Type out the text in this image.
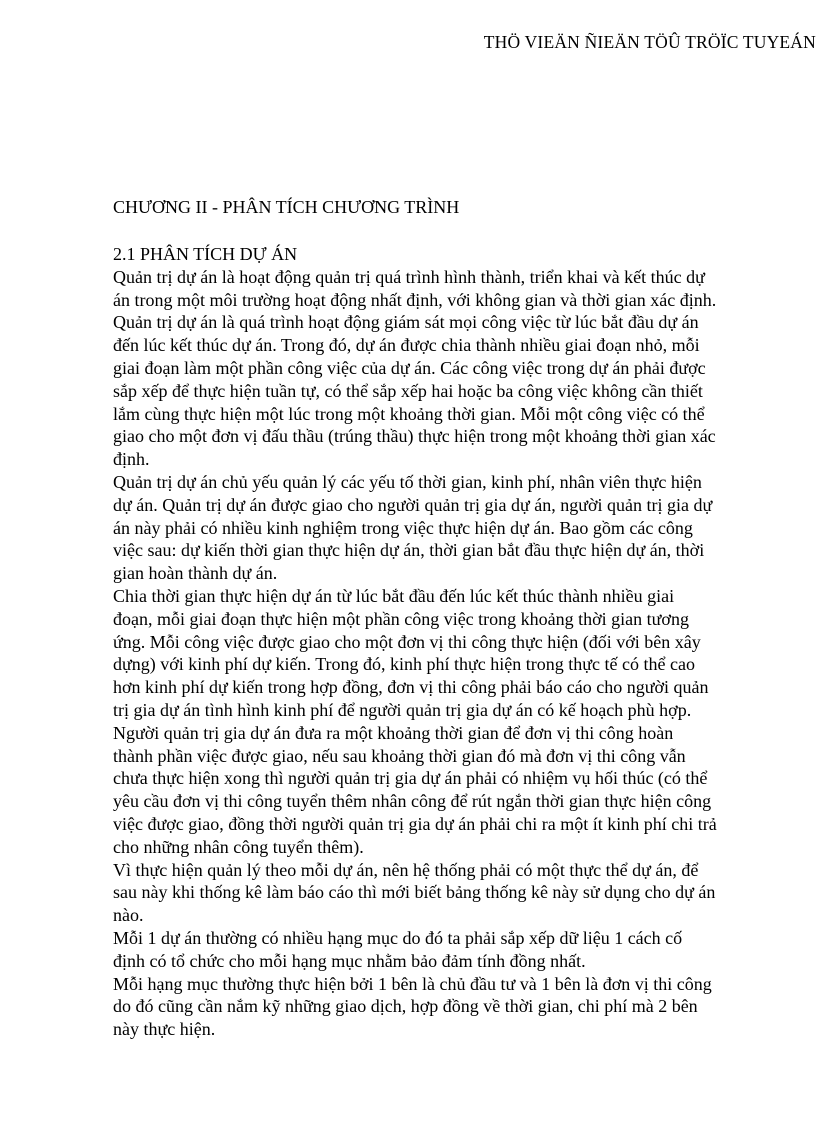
THÖ VIEÄN ÑIEÄN TÖÛ TRÖÏC TUYEÁN
CHƯƠNG II - PHÂN TÍCH CHƯƠNG TRÌNH
2.1 PHÂN TÍCH DỰ ÁN
Quản trị dự án là hoạt động quản trị quá trình hình thành, triển khai và kết thúc dự
án trong một môi trường hoạt động nhất định, với không gian và thời gian xác định.
Quản trị dự án là quá trình hoạt động giám sát mọi công việc từ lúc bắt đầu dự án
đến lúc kết thúc dự án. Trong đó, dự án được chia thành nhiều giai đoạn nhỏ, mỗi
giai đoạn làm một phần công việc của dự án. Các công việc trong dự án phải được
sắp xếp để thực hiện tuần tự, có thể sắp xếp hai hoặc ba công việc không cần thiết
lắm cùng thực hiện một lúc trong một khoảng thời gian. Mỗi một công việc có thể
giao cho một đơn vị đấu thầu (trúng thầu) thực hiện trong một khoảng thời gian xác
định.
Quản trị dự án chủ yếu quản lý các yếu tố thời gian, kinh phí, nhân viên thực hiện
dự án. Quản trị dự án được giao cho người quản trị gia dự án, người quản trị gia dự
án này phải có nhiều kinh nghiệm trong việc thực hiện dự án. Bao gồm các công
việc sau: dự kiến thời gian thực hiện dự án, thời gian bắt đầu thực hiện dự án, thời
gian hoàn thành dự án.
Chia thời gian thực hiện dự án từ lúc bắt đầu đến lúc kết thúc thành nhiều giai
đoạn, mỗi giai đoạn thực hiện một phần công việc trong khoảng thời gian tương
ứng. Mỗi công việc được giao cho một đơn vị thi công thực hiện (đối với bên xây
dựng) với kinh phí dự kiến. Trong đó, kinh phí thực hiện trong thực tế có thể cao
hơn kinh phí dự kiến trong hợp đồng, đơn vị thi công phải báo cáo cho người quản
trị gia dự án tình hình kinh phí để người quản trị gia dự án có kế hoạch phù hợp.
Người quản trị gia dự án đưa ra một khoảng thời gian để đơn vị thi công hoàn
thành phần việc được giao, nếu sau khoảng thời gian đó mà đơn vị thi công vẫn
chưa thực hiện xong thì người quản trị gia dự án phải có nhiệm vụ hối thúc (có thể
yêu cầu đơn vị thi công tuyển thêm nhân công để rút ngắn thời gian thực hiện công
việc được giao, đồng thời người quản trị gia dự án phải chi ra một ít kinh phí chi trả
cho những nhân công tuyển thêm).
Vì thực hiện quản lý theo mỗi dự án, nên hệ thống phải có một thực thể dự án, để
sau này khi thống kê làm báo cáo thì mới biết bảng thống kê này sử dụng cho dự án
nào.
Mỗi 1 dự án thường có nhiều hạng mục do đó ta phải sắp xếp dữ liệu 1 cách cố
định có tổ chức cho mỗi hạng mục nhằm bảo đảm tính đồng nhất.
Mỗi hạng mục thường thực hiện bởi 1 bên là chủ đầu tư và 1 bên là đơn vị thi công
do đó cũng cần nắm kỹ những giao dịch, hợp đồng về thời gian, chi phí mà 2 bên
này thực hiện.
